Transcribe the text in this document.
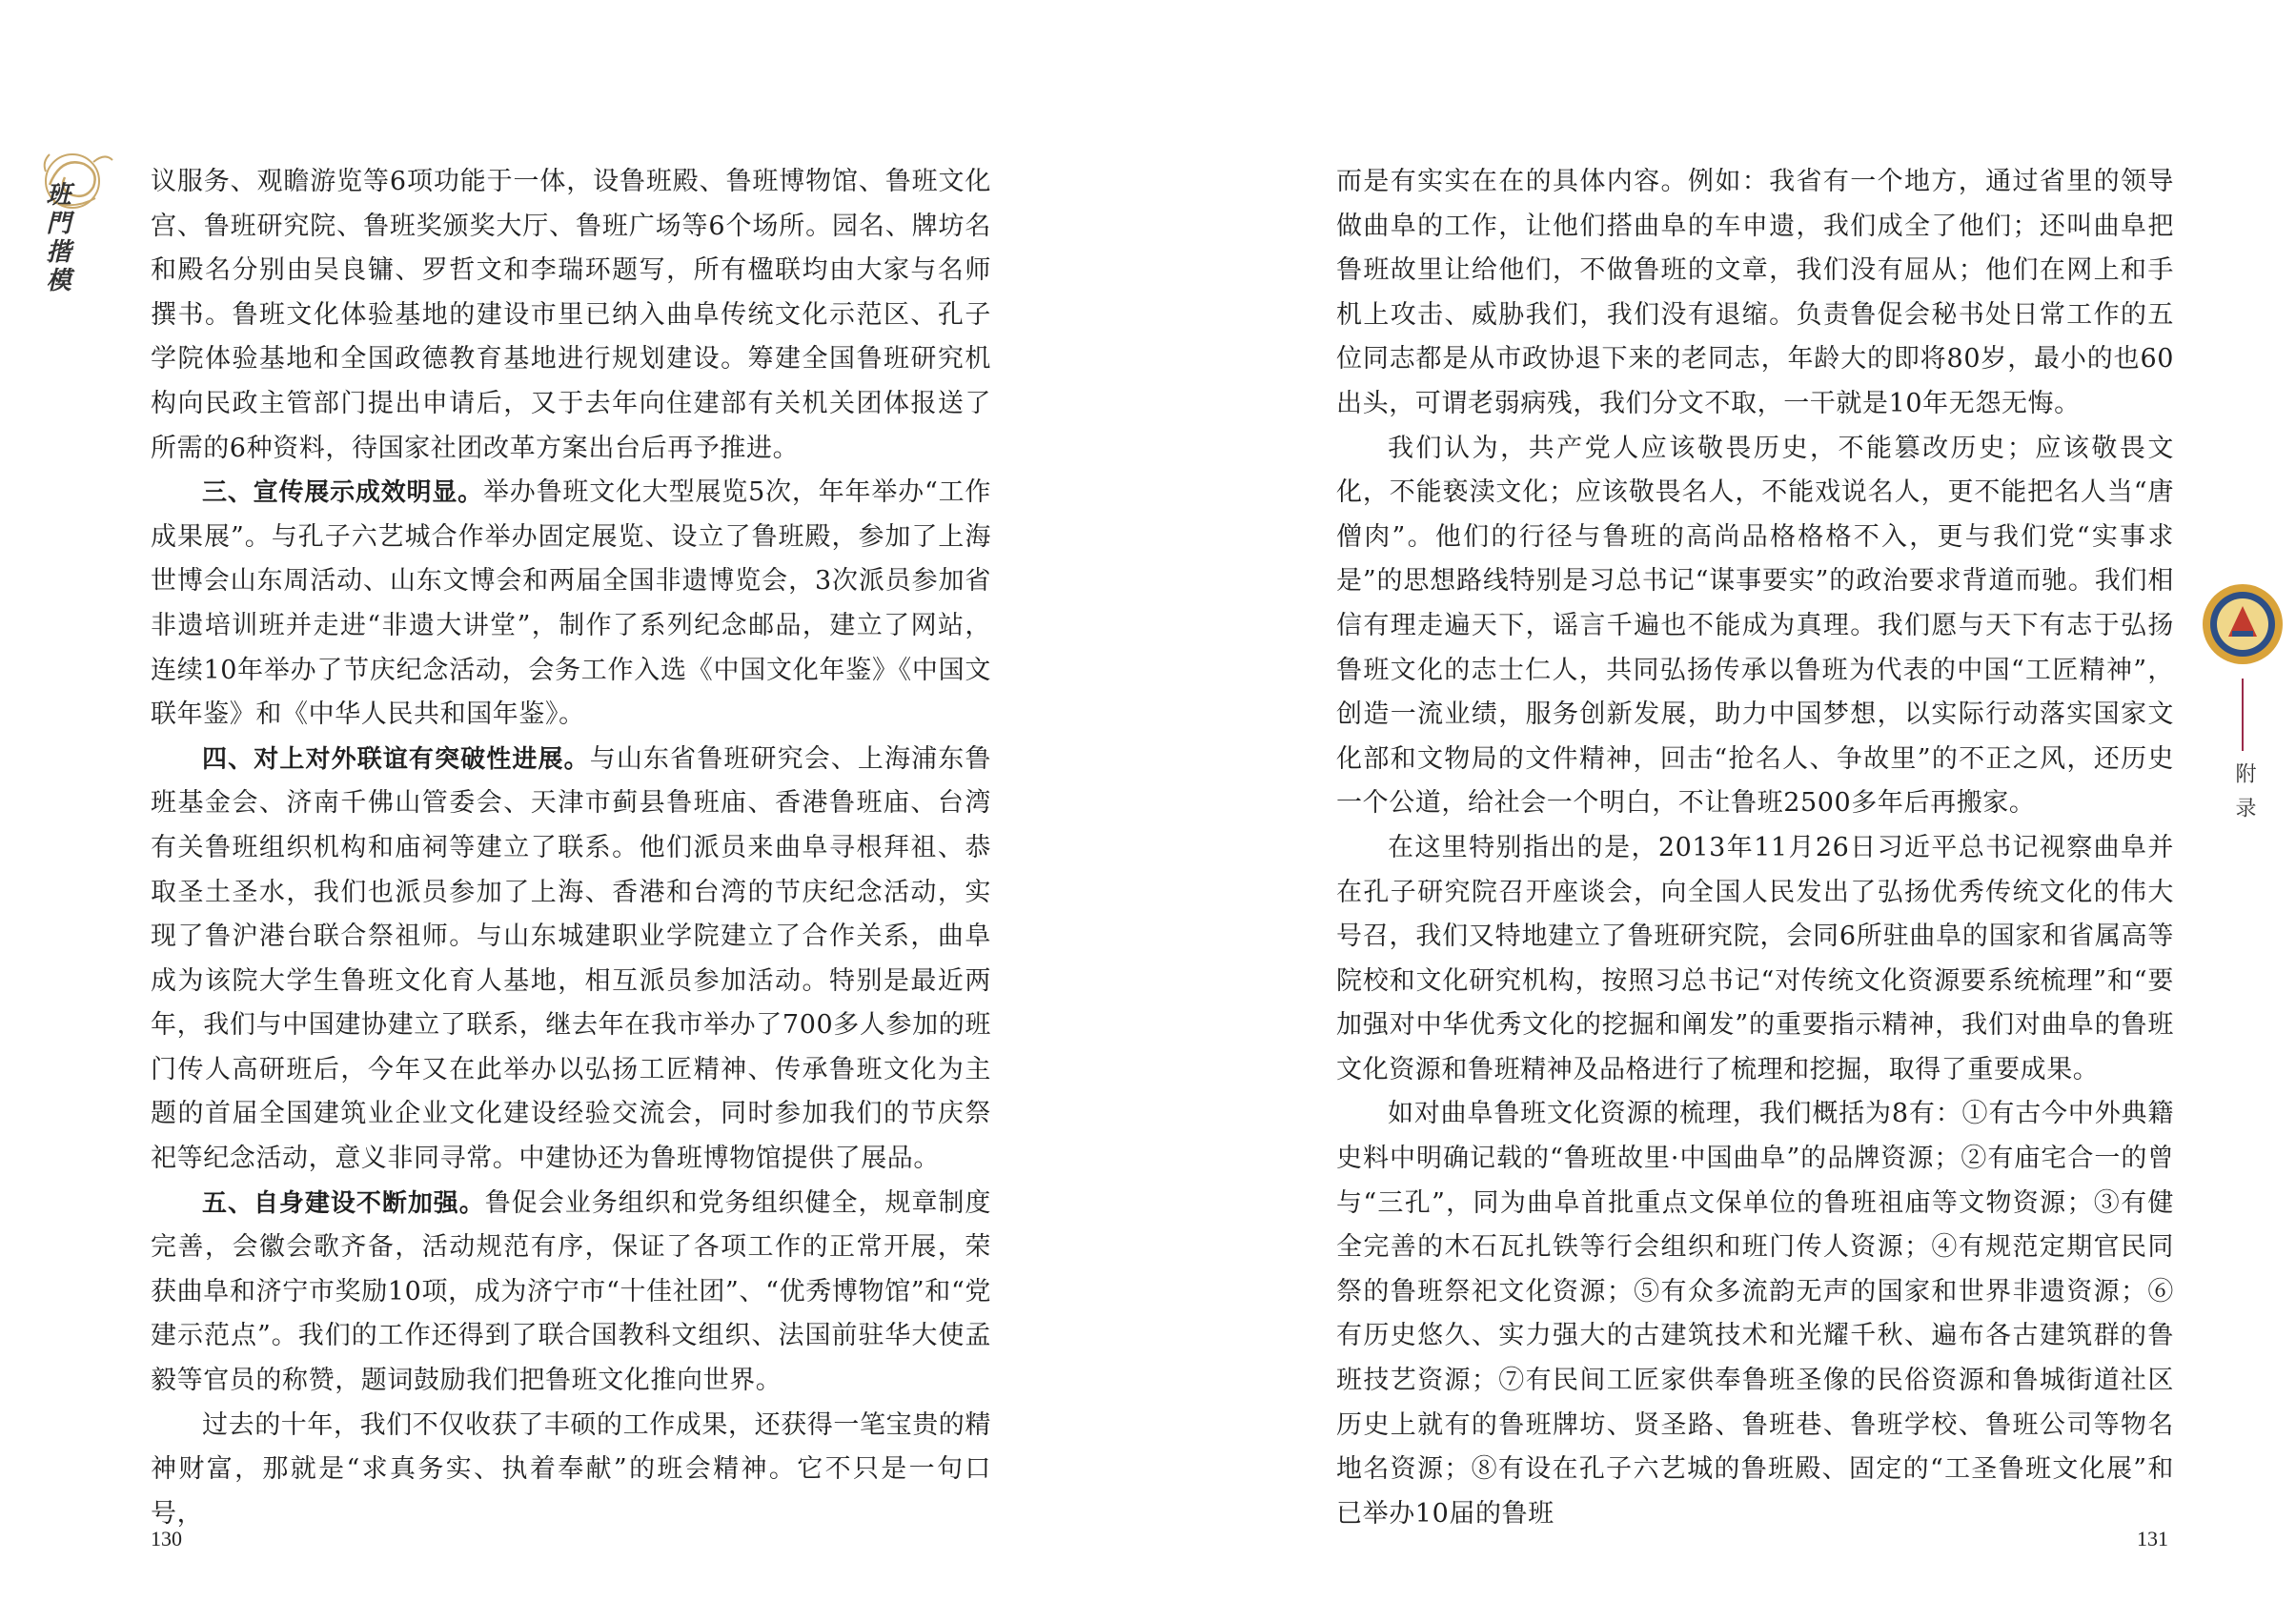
班門揩模	议服务、观瞻游览等6项功能于一体，设鲁班殿、鲁班博物馆、鲁班文化宫、鲁班研究院、鲁班奖颁奖大厅、鲁班广场等6个场所。园名、牌坊名和殿名分别由吴良镛、罗哲文和李瑞环题写，所有楹联均由大家与名师撰书。鲁班文化体验基地的建设市里已纳入曲阜传统文化示范区、孔子学院体验基地和全国政德教育基地进行规划建设。筹建全国鲁班研究机构向民政主管部门提出申请后，又于去年向住建部有关机关团体报送了所需的6种资料，待国家社团改革方案出台后再予推进。

三、宣传展示成效明显。举办鲁班文化大型展览5次，年年举办“工作成果展”。与孔子六艺城合作举办固定展览、设立了鲁班殿，参加了上海世博会山东周活动、山东文博会和两届全国非遗博览会，3次派员参加省非遗培训班并走进“非遗大讲堂”，制作了系列纪念邮品，建立了网站，连续10年举办了节庆纪念活动，会务工作入选《中国文化年鉴》《中国文联年鉴》和《中华人民共和国年鉴》。

四、对上对外联谊有突破性进展。与山东省鲁班研究会、上海浦东鲁班基金会、济南千佛山管委会、天津市蓟县鲁班庙、香港鲁班庙、台湾有关鲁班组织机构和庙祠等建立了联系。他们派员来曲阜寻根拜祖、恭取圣土圣水，我们也派员参加了上海、香港和台湾的节庆纪念活动，实现了鲁沪港台联合祭祖师。与山东城建职业学院建立了合作关系，曲阜成为该院大学生鲁班文化育人基地，相互派员参加活动。特别是最近两年，我们与中国建协建立了联系，继去年在我市举办了700多人参加的班门传人高研班后，今年又在此举办以弘扬工匠精神、传承鲁班文化为主题的首届全国建筑业企业文化建设经验交流会，同时参加我们的节庆祭祀等纪念活动，意义非同寻常。中建协还为鲁班博物馆提供了展品。

五、自身建设不断加强。鲁促会业务组织和党务组织健全，规章制度完善，会徽会歌齐备，活动规范有序，保证了各项工作的正常开展，荣获曲阜和济宁市奖励10项，成为济宁市“十佳社团”、“优秀博物馆”和“党建示范点”。我们的工作还得到了联合国教科文组织、法国前驻华大使孟毅等官员的称赞，题词鼓励我们把鲁班文化推向世界。

过去的十年，我们不仅收获了丰硕的工作成果，还获得一笔宝贵的精神财富，那就是“求真务实、执着奉献”的班会精神。它不只是一句口号，

130

而是有实实在在的具体内容。例如：我省有一个地方，通过省里的领导做曲阜的工作，让他们搭曲阜的车申遗，我们成全了他们；还叫曲阜把鲁班故里让给他们，不做鲁班的文章，我们没有屈从；他们在网上和手机上攻击、威胁我们，我们没有退缩。负责鲁促会秘书处日常工作的五位同志都是从市政协退下来的老同志，年龄大的即将80岁，最小的也60出头，可谓老弱病残，我们分文不取，一干就是10年无怨无悔。

我们认为，共产党人应该敬畏历史，不能篡改历史；应该敬畏文化，不能亵渎文化；应该敬畏名人，不能戏说名人，更不能把名人当“唐僧肉”。他们的行径与鲁班的高尚品格格格不入，更与我们党“实事求是”的思想路线特别是习总书记“谋事要实”的政治要求背道而驰。我们相信有理走遍天下，谣言千遍也不能成为真理。我们愿与天下有志于弘扬鲁班文化的志士仁人，共同弘扬传承以鲁班为代表的中国“工匠精神”，创造一流业绩，服务创新发展，助力中国梦想，以实际行动落实国家文化部和文物局的文件精神，回击“抢名人、争故里”的不正之风，还历史一个公道，给社会一个明白，不让鲁班2500多年后再搬家。

在这里特别指出的是，2013年11月26日习近平总书记视察曲阜并在孔子研究院召开座谈会，向全国人民发出了弘扬优秀传统文化的伟大号召，我们又特地建立了鲁班研究院，会同6所驻曲阜的国家和省属高等院校和文化研究机构，按照习总书记“对传统文化资源要系统梳理”和“要加强对中华优秀文化的挖掘和阐发”的重要指示精神，我们对曲阜的鲁班文化资源和鲁班精神及品格进行了梳理和挖掘，取得了重要成果。

如对曲阜鲁班文化资源的梳理，我们概括为8有：①有古今中外典籍史料中明确记载的“鲁班故里·中国曲阜”的品牌资源；②有庙宅合一的曾与“三孔”，同为曲阜首批重点文保单位的鲁班祖庙等文物资源；③有健全完善的木石瓦扎铁等行会组织和班门传人资源；④有规范定期官民同祭的鲁班祭祀文化资源；⑤有众多流韵无声的国家和世界非遗资源；⑥有历史悠久、实力强大的古建筑技术和光耀千秋、遍布各古建筑群的鲁班技艺资源；⑦有民间工匠家供奉鲁班圣像的民俗资源和鲁城街道社区历史上就有的鲁班牌坊、贤圣路、鲁班巷、鲁班学校、鲁班公司等物名地名资源；⑧有设在孔子六艺城的鲁班殿、固定的“工圣鲁班文化展”和已举办10届的鲁班

附录
131
